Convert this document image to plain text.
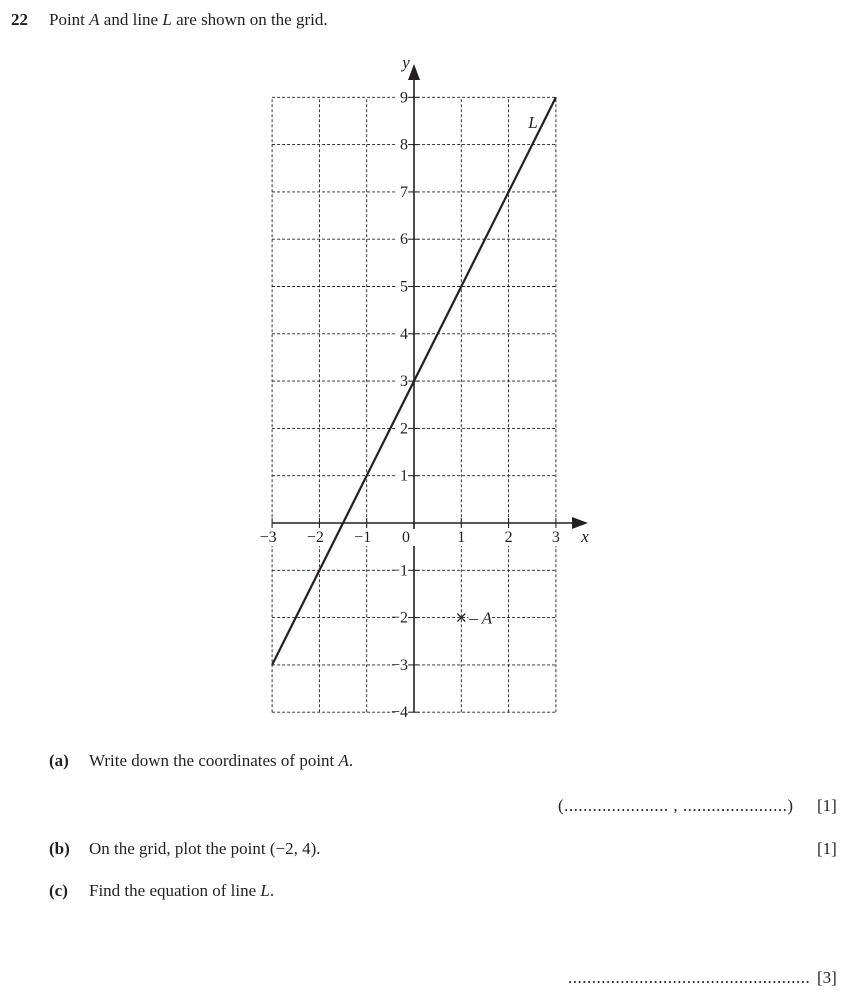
22 Point A and line L are shown on the grid.
−3 −2 −1 0	1 2 3
−4
−3
−2
−1
1
2
3
4
5
6
7
8
9
x
y
L
– A
(a) Write down the coordinates of point A.
(...................... , ......................) [1]
(b) On the grid, plot the point (−2, 4).	[1]
(c) Find the equation of line L.
................................................... [3]
